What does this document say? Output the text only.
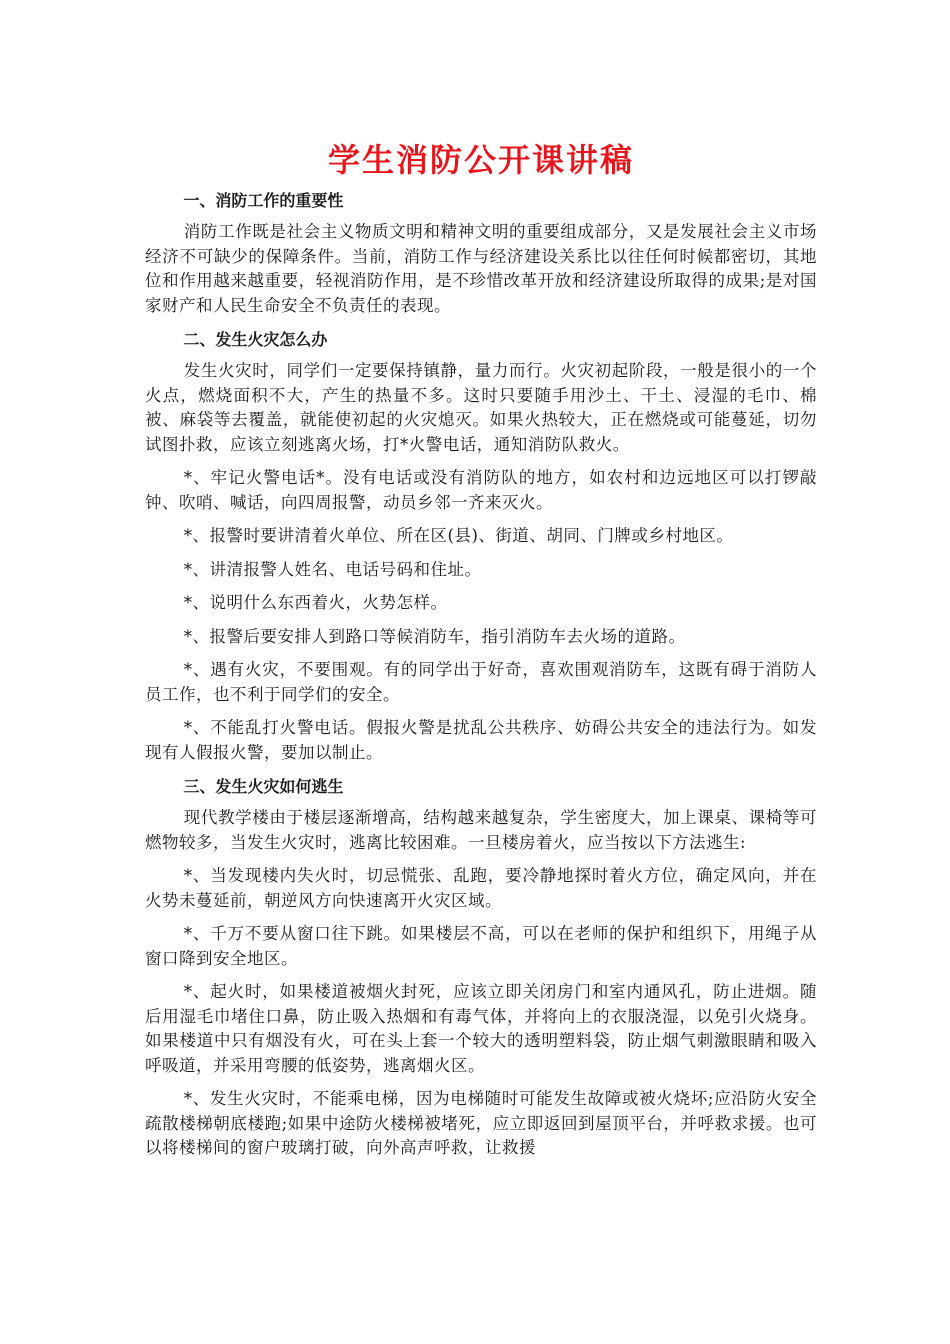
学生消防公开课讲稿

一、消防工作的重要性

消防工作既是社会主义物质文明和精神文明的重要组成部分，又是发展社会主义市场经济不可缺少的保障条件。当前，消防工作与经济建设关系比以往任何时候都密切，其地位和作用越来越重要，轻视消防作用，是不珍惜改革开放和经济建设所取得的成果;是对国家财产和人民生命安全不负责任的表现。

二、发生火灾怎么办

发生火灾时，同学们一定要保持镇静，量力而行。火灾初起阶段，一般是很小的一个火点，燃烧面积不大，产生的热量不多。这时只要随手用沙土、干土、浸湿的毛巾、棉被、麻袋等去覆盖，就能使初起的火灾熄灭。如果火热较大，正在燃烧或可能蔓延，切勿试图扑救，应该立刻逃离火场，打*火警电话，通知消防队救火。

*、牢记火警电话*。没有电话或没有消防队的地方，如农村和边远地区可以打锣敲钟、吹哨、喊话，向四周报警，动员乡邻一齐来灭火。

*、报警时要讲清着火单位、所在区(县)、街道、胡同、门牌或乡村地区。

*、讲清报警人姓名、电话号码和住址。

*、说明什么东西着火，火势怎样。

*、报警后要安排人到路口等候消防车，指引消防车去火场的道路。

*、遇有火灾，不要围观。有的同学出于好奇，喜欢围观消防车，这既有碍于消防人员工作，也不利于同学们的安全。

*、不能乱打火警电话。假报火警是扰乱公共秩序、妨碍公共安全的违法行为。如发现有人假报火警，要加以制止。

三、发生火灾如何逃生

现代教学楼由于楼层逐渐增高，结构越来越复杂，学生密度大，加上课桌、课椅等可燃物较多，当发生火灾时，逃离比较困难。一旦楼房着火，应当按以下方法逃生:

*、当发现楼内失火时，切忌慌张、乱跑，要冷静地探时着火方位，确定风向，并在火势未蔓延前，朝逆风方向快速离开火灾区域。

*、千万不要从窗口往下跳。如果楼层不高，可以在老师的保护和组织下，用绳子从窗口降到安全地区。

*、起火时，如果楼道被烟火封死，应该立即关闭房门和室内通风孔，防止进烟。随后用湿毛巾堵住口鼻，防止吸入热烟和有毒气体，并将向上的衣服浇湿，以免引火烧身。如果楼道中只有烟没有火，可在头上套一个较大的透明塑料袋，防止烟气刺激眼睛和吸入呼吸道，并采用弯腰的低姿势，逃离烟火区。

*、发生火灾时，不能乘电梯，因为电梯随时可能发生故障或被火烧坏;应沿防火安全疏散楼梯朝底楼跑;如果中途防火楼梯被堵死，应立即返回到屋顶平台，并呼救求援。也可以将楼梯间的窗户玻璃打破，向外高声呼救，让救援
